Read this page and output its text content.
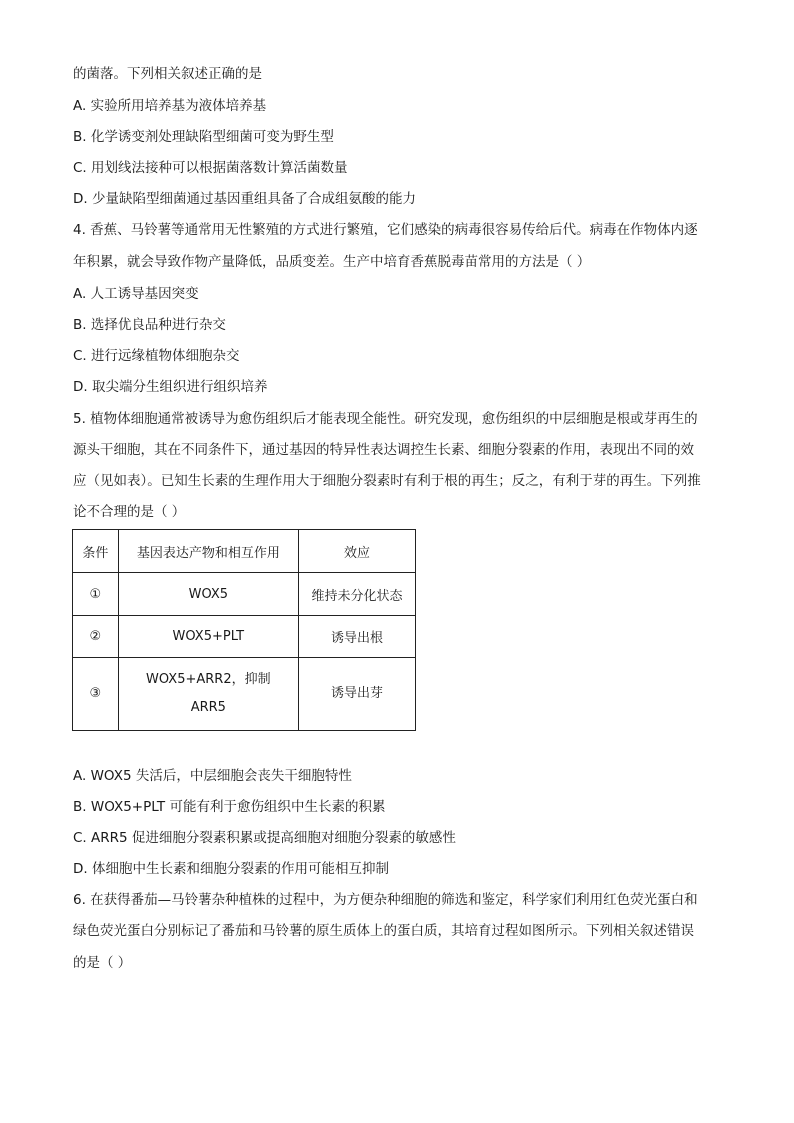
的菌落。下列相关叙述正确的是
A. 实验所用培养基为液体培养基
B. 化学诱变剂处理缺陷型细菌可变为野生型
C. 用划线法接种可以根据菌落数计算活菌数量
D. 少量缺陷型细菌通过基因重组具备了合成组氨酸的能力
4. 香蕉、马铃薯等通常用无性繁殖的方式进行繁殖，它们感染的病毒很容易传给后代。病毒在作物体内逐
年积累，就会导致作物产量降低，品质变差。生产中培育香蕉脱毒苗常用的方法是（ ）
A. 人工诱导基因突变
B. 选择优良品种进行杂交
C. 进行远缘植物体细胞杂交
D. 取尖端分生组织进行组织培养
5. 植物体细胞通常被诱导为愈伤组织后才能表现全能性。研究发现，愈伤组织的中层细胞是根或芽再生的
源头干细胞，其在不同条件下，通过基因的特异性表达调控生长素、细胞分裂素的作用，表现出不同的效
应（见如表）。已知生长素的生理作用大于细胞分裂素时有利于根的再生；反之，有利于芽的再生。下列推
论不合理的是（ ）
条件	基因表达产物和相互作用	效应
①	WOX5	维持未分化状态
②	WOX5+PLT	诱导出根
③	WOX5+ARR2，抑制
ARR5	诱导出芽
A. WOX5 失活后，中层细胞会丧失干细胞特性
B. WOX5+PLT 可能有利于愈伤组织中生长素的积累
C. ARR5 促进细胞分裂素积累或提高细胞对细胞分裂素的敏感性
D. 体细胞中生长素和细胞分裂素的作用可能相互抑制
6. 在获得番茄—马铃薯杂种植株的过程中，为方便杂种细胞的筛选和鉴定，科学家们利用红色荧光蛋白和
绿色荧光蛋白分别标记了番茄和马铃薯的原生质体上的蛋白质，其培育过程如图所示。下列相关叙述错误
的是（ ）
